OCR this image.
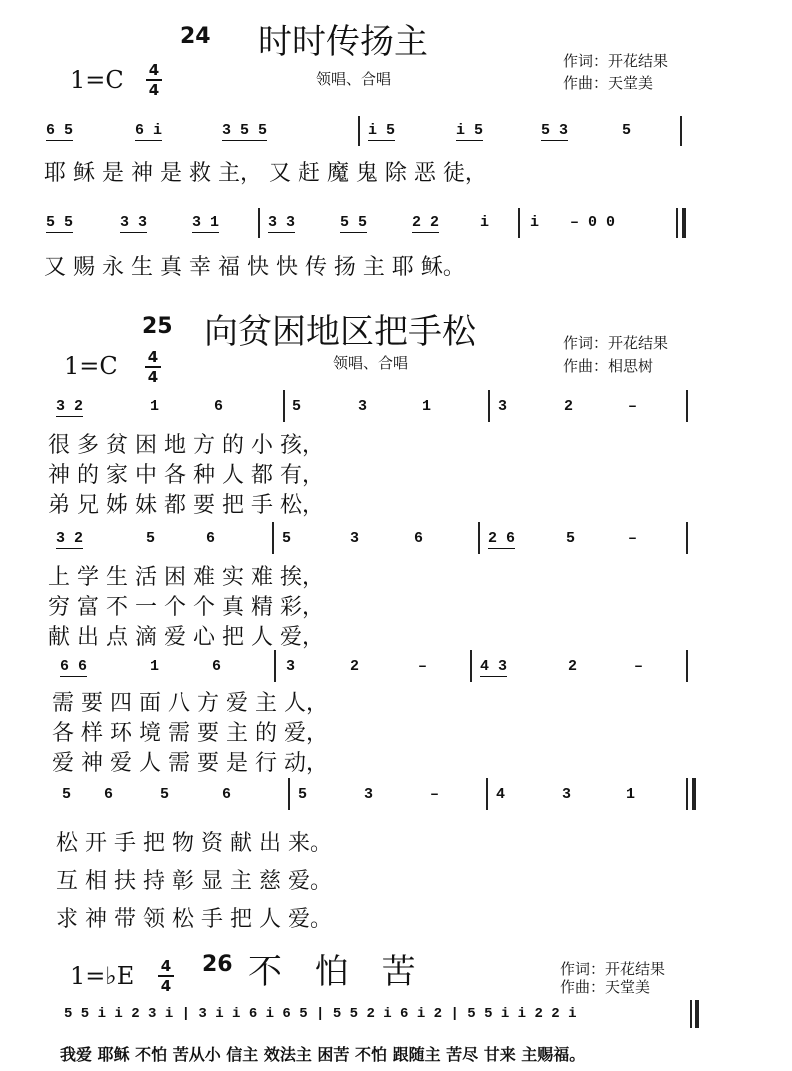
24 时时传扬主	作词：开花结果
作曲：天堂美
领唱、合唱
1=C 4
4
6 5	6 i	3 5 5	i 5	i 5	5 3	5
耶 稣 是 神 是 救 主， 又 赶 魔 鬼 除 恶 徒，
5 5	3 3	3 1	3 3	5 5	2 2	i	i – 0 0
又 赐 永 生 真 幸 福 快 快 传 扬 主 耶 稣。
25 向贫困地区把手松	作词：开花结果
作曲：相思树
领唱、合唱
1=C 4
4
3 2	1	6	5	3	1	3	2	–
很 多 贫 困 地 方 的 小 孩，
神 的 家 中 各 种 人 都 有，
弟 兄 姊 妹 都 要 把 手 松，
3 2	5	6	5	3	6	2 6	5	–
上 学 生 活 困 难 实 难 挨，
穷 富 不 一 个 个 真 精 彩，
献 出 点 滴 爱 心 把 人 爱，
6 6	1	6	3	2	–	4 3	2	–
需 要 四 面 八 方 爱 主 人，
各 样 环 境 需 要 主 的 爱，
爱 神 爱 人 需 要 是 行 动，
5 6	5	6	5	3	–	4	3	1
松 开 手 把 物 资 献 出 来。
互 相 扶 持 彰 显 主 慈 爱。
求 神 带 领 松 手 把 人 爱。
1=♭E 4
4
26 不 怕 苦	作词：开花结果
作曲：天堂美
5 5 i i 2 3 i | 3 i i 6 i 6 5 | 5 5 2 i 6 i 2 | 5 5 i i 2 2 i
我爱 耶稣 不怕 苦从小 信主 效法主 困苦 不怕 跟随主 苦尽 甘来 主赐福。
